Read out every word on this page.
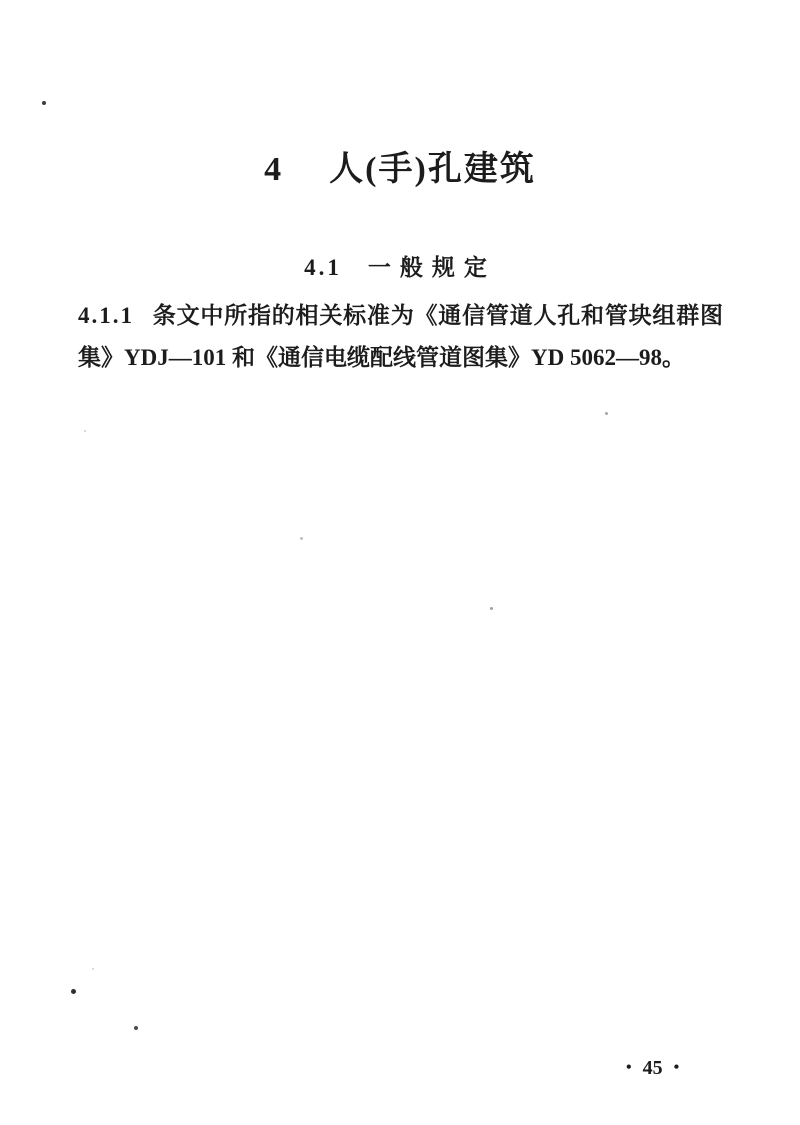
4 人(手)孔建筑
4.1 一般规定
4.1.1 条文中所指的相关标准为《通信管道人孔和管块组群图
集》YDJ—101 和《通信电缆配线管道图集》YD 5062—98。
• 45 •
